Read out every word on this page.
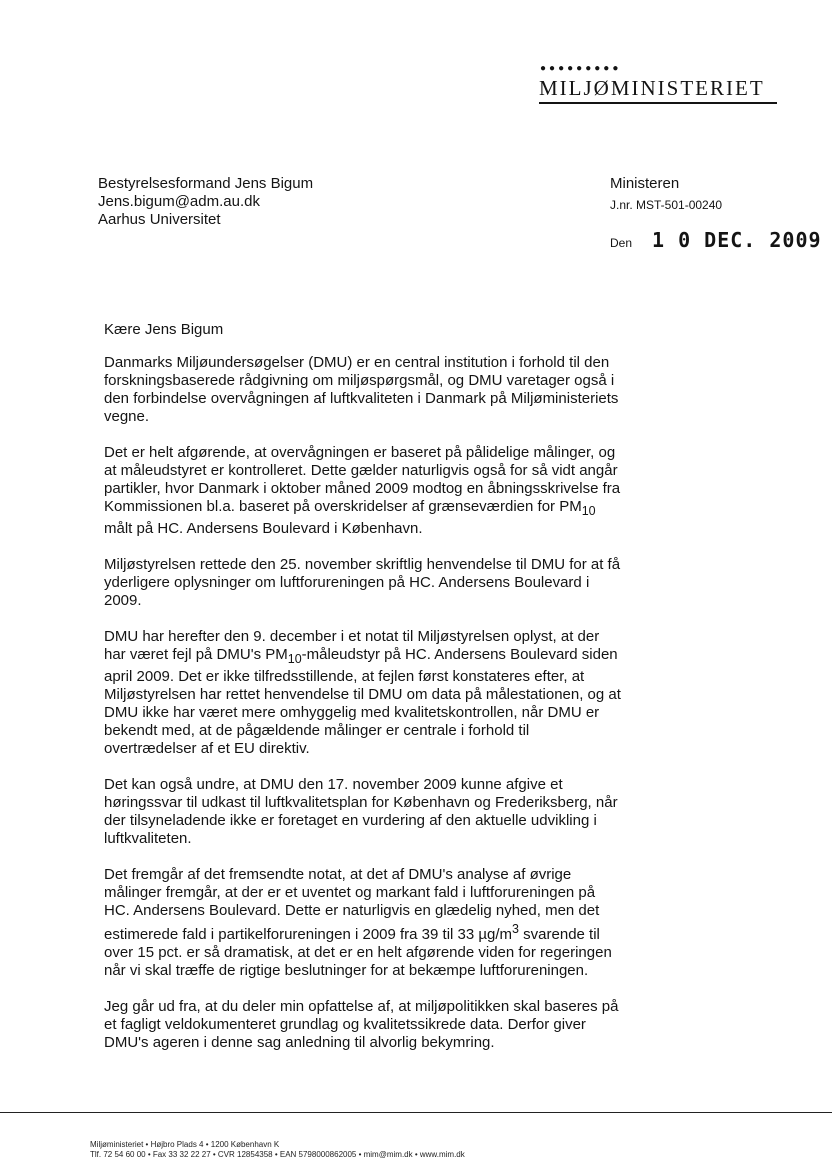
●●●●●●●●●
MILJØMINISTERIET
Bestyrelsesformand Jens Bigum
Jens.bigum@adm.au.dk
Aarhus Universitet
Ministeren
J.nr. MST-501-00240
Den 1 0 DEC. 2009
Kære Jens Bigum

Danmarks Miljøundersøgelser (DMU) er en central institution i forhold til den forskningsbaserede rådgivning om miljøspørgsmål, og DMU varetager også i den forbindelse overvågningen af luftkvaliteten i Danmark på Miljøministeriets vegne.

Det er helt afgørende, at overvågningen er baseret på pålidelige målinger, og at måleudstyret er kontrolleret. Dette gælder naturligvis også for så vidt angår partikler, hvor Danmark i oktober måned 2009 modtog en åbningsskrivelse fra Kommissionen bl.a. baseret på overskridelser af grænseværdien for $PM_{10}$ målt på HC. Andersens Boulevard i København.

Miljøstyrelsen rettede den 25. november skriftlig henvendelse til DMU for at få yderligere oplysninger om luftforureningen på HC. Andersens Boulevard i 2009.

DMU har herefter den 9. december i et notat til Miljøstyrelsen oplyst, at der har været fejl på DMU's $PM_{10}$-måleudstyr på HC. Andersens Boulevard siden april 2009. Det er ikke tilfredsstillende, at fejlen først konstateres efter, at Miljøstyrelsen har rettet henvendelse til DMU om data på målestationen, og at DMU ikke har været mere omhyggelig med kvalitetskontrollen, når DMU er bekendt med, at de pågældende målinger er centrale i forhold til overtrædelser af et EU direktiv.

Det kan også undre, at DMU den 17. november 2009 kunne afgive et høringssvar til udkast til luftkvalitetsplan for København og Frederiksberg, når der tilsyneladende ikke er foretaget en vurdering af den aktuelle udvikling i luftkvaliteten.

Det fremgår af det fremsendte notat, at det af DMU's analyse af øvrige målinger fremgår, at der er et uventet og markant fald i luftforureningen på HC. Andersens Boulevard. Dette er naturligvis en glædelig nyhed, men det estimerede fald i partikelforureningen i 2009 fra 39 til 33 $\mu g/m^3$ svarende til over 15 pct. er så dramatisk, at det er en helt afgørende viden for regeringen når vi skal træffe de rigtige beslutninger for at bekæmpe luftforureningen.

Jeg går ud fra, at du deler min opfattelse af, at miljøpolitikken skal baseres på et fagligt veldokumenteret grundlag og kvalitetssikrede data. Derfor giver DMU's ageren i denne sag anledning til alvorlig bekymring.

Miljøministeriet • Højbro Plads 4 • 1200 København K
Tlf. 72 54 60 00 • Fax 33 32 22 27 • CVR 12854358 • EAN 5798000862005 • mim@mim.dk • www.mim.dk
